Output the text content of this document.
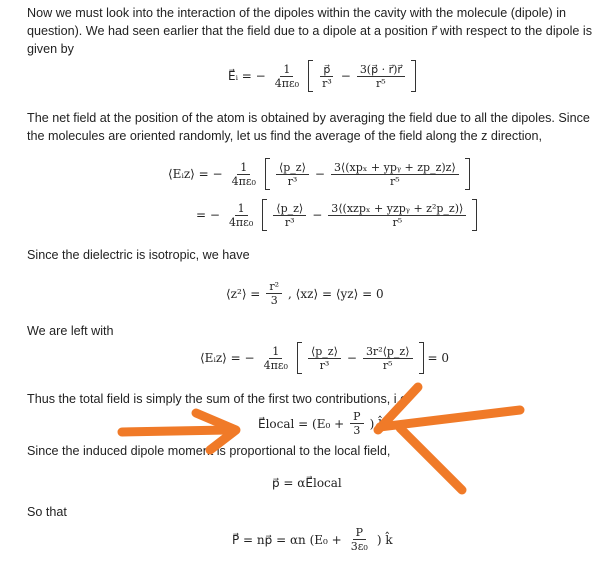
Now we must look into the interaction of the dipoles within the cavity with the molecule (dipole) in
question). We had seen earlier that the field due to a dipole at a position r⃗ with respect to the dipole is
given by
E⃗ᵢ = − $\frac{1}{\text{4πε₀}} \frac{p⃗}{\text{r³}} - \frac{3(p⃗ \cdot r⃗)r⃗}{\text{r⁵}}$
The net field at the position of the atom is obtained by averaging the field due to all the dipoles. Since
the molecules are oriented randomly, let us find the average of the field along the z direction,
⟨Eᵢz⟩ = − $\frac{1}{\text{4πε₀}} \frac{⟨p\_z⟩}{\text{r³}} - \frac{\text{3⟨(xpₓ + ypᵧ + zp\_z)z⟩}}{\text{r⁵}}$
= − $\frac{1}{\text{4πε₀}} \frac{⟨p\_z⟩}{\text{r³}} - \frac{\text{3⟨(xzpₓ + yzpᵧ + z²p\_z)⟩}}{\text{r⁵}}$
Since the dielectric is isotropic, we have
⟨z²⟩ = $\frac{\text{r²}}{3}$ , ⟨xz⟩ = ⟨yz⟩ = 0
We are left with
⟨Eᵢz⟩ = − $\frac{1}{\text{4πε₀}} \frac{⟨p\_z⟩}{\text{r³}} - \frac{\text{3r²⟨p\_z⟩}}{\text{r⁵}} = 0$
Thus the total field is simply the sum of the first two contributions, i.e.
E⃗local = ($E_0 + \frac{P}{3}$ ) k̂
Since the induced dipole moment is proportional to the local field,
p⃗ = αE⃗local
So that
P⃗ = np⃗ = αn ($E_0 + \frac{P}{\text{3ε₀}}$ ) k̂
